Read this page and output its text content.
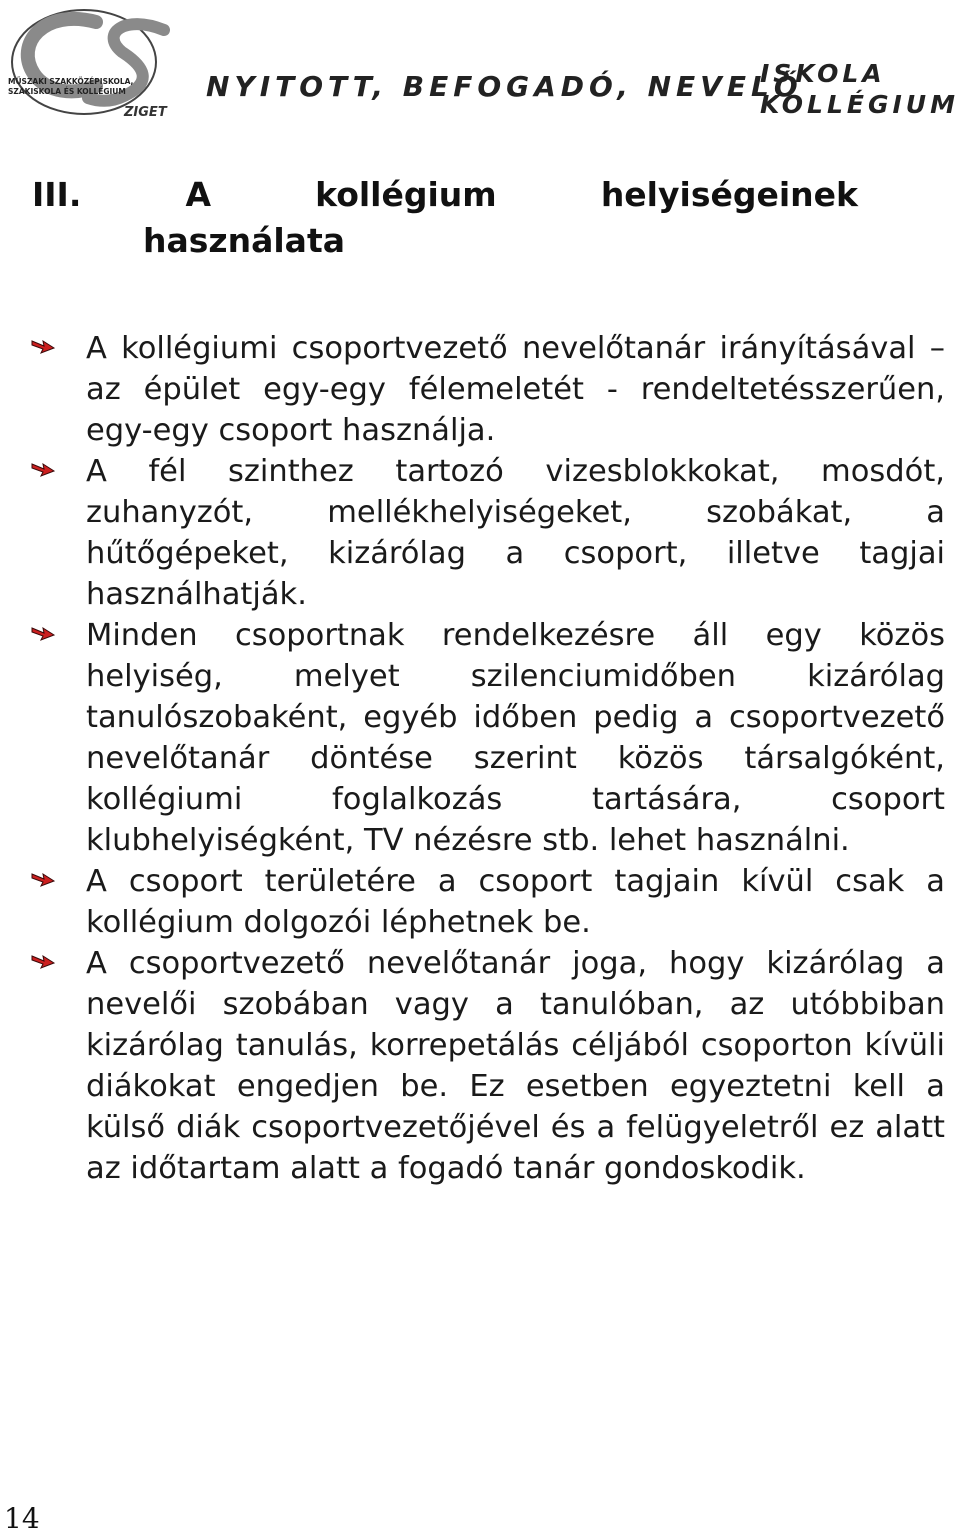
MŰSZAKI SZAKKÖZÉPISKOLA,
SZAKISKOLA ÉS KOLLÉGIUM
ZIGET
NYITOTT, BEFOGADÓ, NEVELŐ
ISKOLA
KOLLÉGIUM
III.	A	kollégium	helyiségeinek
használata
A kollégiumi csoportvezető nevelőtanár irányításával – az épület egy-egy félemeletét - rendeltetésszerűen, egy-egy csoport használja.
A fél szinthez tartozó vizesblokkokat, mosdót, zuhanyzót, mellékhelyiségeket, szobákat, a hűtőgépeket, kizárólag a csoport, illetve tagjai használhatják.
Minden csoportnak rendelkezésre áll egy közös helyiség, melyet szilenciumidőben kizárólag tanulószobaként, egyéb időben pedig a csoportvezető nevelőtanár döntése szerint közös társalgóként, kollégiumi foglalkozás tartására, csoport klubhelyiségként, TV nézésre stb. lehet használni.
A csoport területére a csoport tagjain kívül csak a kollégium dolgozói léphetnek be.
A csoportvezető nevelőtanár joga, hogy kizárólag a nevelői szobában vagy a tanulóban, az utóbbiban kizárólag tanulás, korrepetálás céljából csoporton kívüli diákokat engedjen be. Ez esetben egyeztetni kell a külső diák csoportvezetőjével és a felügyeletről ez alatt az időtartam alatt a fogadó tanár gondoskodik.
14
